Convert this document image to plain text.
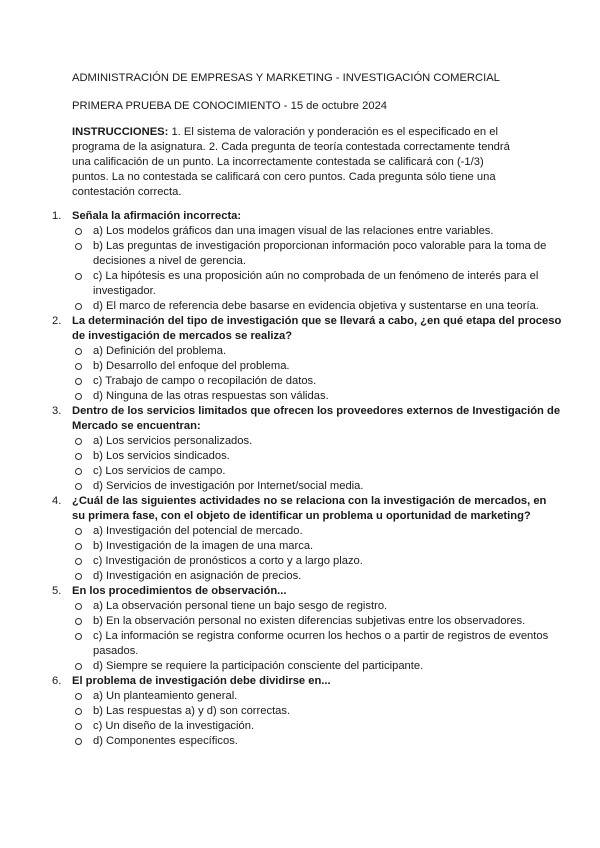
ADMINISTRACIÓN DE EMPRESAS Y MARKETING - INVESTIGACIÓN COMERCIAL
PRIMERA PRUEBA DE CONOCIMIENTO - 15 de octubre 2024
INSTRUCCIONES: 1. El sistema de valoración y ponderación es el especificado en el programa de la asignatura. 2. Cada pregunta de teoría contestada correctamente tendrá una calificación de un punto. La incorrectamente contestada se calificará con (-1/3) puntos. La no contestada se calificará con cero puntos. Cada pregunta sólo tiene una contestación correcta.
1. Señala la afirmación incorrecta:
a) Los modelos gráficos dan una imagen visual de las relaciones entre variables.
b) Las preguntas de investigación proporcionan información poco valorable para la toma de decisiones a nivel de gerencia.
c) La hipótesis es una proposición aún no comprobada de un fenómeno de interés para el investigador.
d) El marco de referencia debe basarse en evidencia objetiva y sustentarse en una teoría.
2. La determinación del tipo de investigación que se llevará a cabo, ¿en qué etapa del proceso de investigación de mercados se realiza?
a) Definición del problema.
b) Desarrollo del enfoque del problema.
c) Trabajo de campo o recopilación de datos.
d) Ninguna de las otras respuestas son válidas.
3. Dentro de los servicios limitados que ofrecen los proveedores externos de Investigación de Mercado se encuentran:
a) Los servicios personalizados.
b) Los servicios sindicados.
c) Los servicios de campo.
d) Servicios de investigación por Internet/social media.
4. ¿Cuál de las siguientes actividades no se relaciona con la investigación de mercados, en su primera fase, con el objeto de identificar un problema u oportunidad de marketing?
a) Investigación del potencial de mercado.
b) Investigación de la imagen de una marca.
c) Investigación de pronósticos a corto y a largo plazo.
d) Investigación en asignación de precios.
5. En los procedimientos de observación...
a) La observación personal tiene un bajo sesgo de registro.
b) En la observación personal no existen diferencias subjetivas entre los observadores.
c) La información se registra conforme ocurren los hechos o a partir de registros de eventos pasados.
d) Siempre se requiere la participación consciente del participante.
6. El problema de investigación debe dividirse en...
a) Un planteamiento general.
b) Las respuestas a) y d) son correctas.
c) Un diseño de la investigación.
d) Componentes específicos.
